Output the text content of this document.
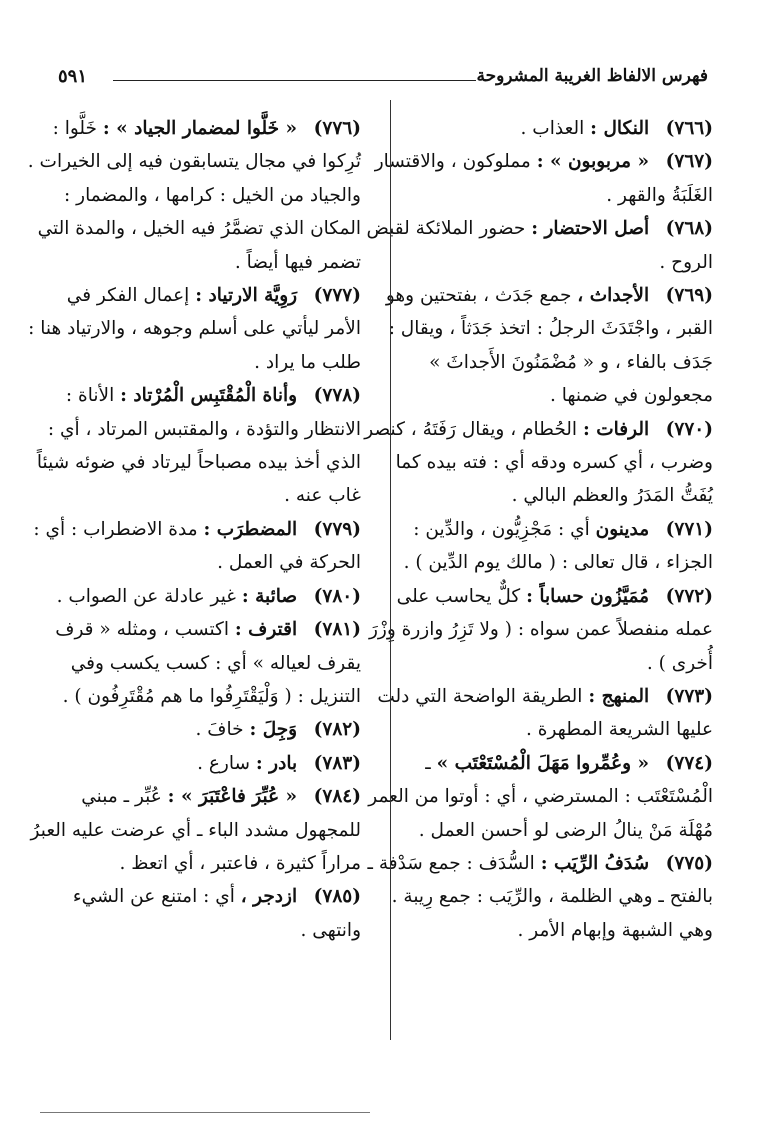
فهرس الالفاظ الغريبة المشروحة
٥٩١

(٧٦٦) النكال : العذاب .

(٧٦٧) « مربوبون » : مملوكون ، والاقتسار الغَلَبَةُ والقهر .

(٧٦٨) أصل الاحتضار : حضور الملائكة لقبض الروح .

(٧٦٩) الأجداث ، جمع جَدَث ، بفتحتين وهو القبر ، واجْتَدَثَ الرجلُ : اتخذ جَدَثاً ، ويقال : جَدَف بالفاء ، و « مُضْمَنُونَ الأَجداثَ » مجعولون في ضمنها .

(٧٧٠) الرفات : الحُطام ، ويقال رَفَتَهُ ، كنصر وضرب ، أي كسره ودقه أي : فته بيده كما يُفَتُّ المَدَرُ والعظم البالي .

(٧٧١) مدينون أي : مَجْزِيُّون ، والدِّين : الجزاء ، قال تعالى : ( مالك يوم الدِّين ) .

(٧٧٢) مُمَيَّزُون حساباً : كلٌّ يحاسب على عمله منفصلاً عمن سواه : ( ولا تَزِرُ وازرة وِزْرَ أُخرى ) .

(٧٧٣) المنهج : الطريقة الواضحة التي دلت عليها الشريعة المطهرة .

(٧٧٤) « وعُمِّروا مَهَلَ الْمُسْتَعْتَب » ـ الْمُسْتَعْتَب : المسترضي ، أي : أوتوا من العمر مُهْلَة مَنْ ينالُ الرضى لو أحسن العمل .

(٧٧٥) سُدَفُ الرِّيَب : السُّدَف : جمع سَدْفة ـ بالفتح ـ وهي الظلمة ، والرِّيَب : جمع رِيبة . وهي الشبهة وإبهام الأمر .

(٧٧٦) « خَلَّوا لمضمار الجياد » : خَلَّوا : تُرِكوا في مجال يتسابقون فيه إلى الخيرات . والجياد من الخيل : كرامها ، والمضمار : المكان الذي تضمَّرُ فيه الخيل ، والمدة التي تضمر فيها أيضاً .

(٧٧٧) رَوِيَّة الارتياد : إعمال الفكر في الأمر ليأتي على أسلم وجوهه ، والارتياد هنا : طلب ما يراد .

(٧٧٨) وأناة الْمُقْتَبِس الْمُرْتاد : الأناة : الانتظار والتؤدة ، والمقتبس المرتاد ، أي : الذي أخذ بيده مصباحاً ليرتاد في ضوئه شيئاً غاب عنه .

(٧٧٩) المضطرَب : مدة الاضطراب : أي : الحركة في العمل .

(٧٨٠) صائبة : غير عادلة عن الصواب .

(٧٨١) اقترف : اكتسب ، ومثله « قرف يقرف لعياله » أي : كسب يكسب وفي التنزيل : ( وَلْيَقْتَرِفُوا ما هم مُقْتَرِفُون ) .

(٧٨٢) وَجِلَ : خافَ .

(٧٨٣) بادر : سارع .

(٧٨٤) « عُبِّرَ فاعْتَبَرَ » : عُبِّر ـ مبني للمجهول مشدد الباء ـ أي عرضت عليه العبرُ مراراً كثيرة ، فاعتبر ، أي اتعظ .

(٧٨٥) ازدجر ، أي : امتنع عن الشيء وانتهى .
